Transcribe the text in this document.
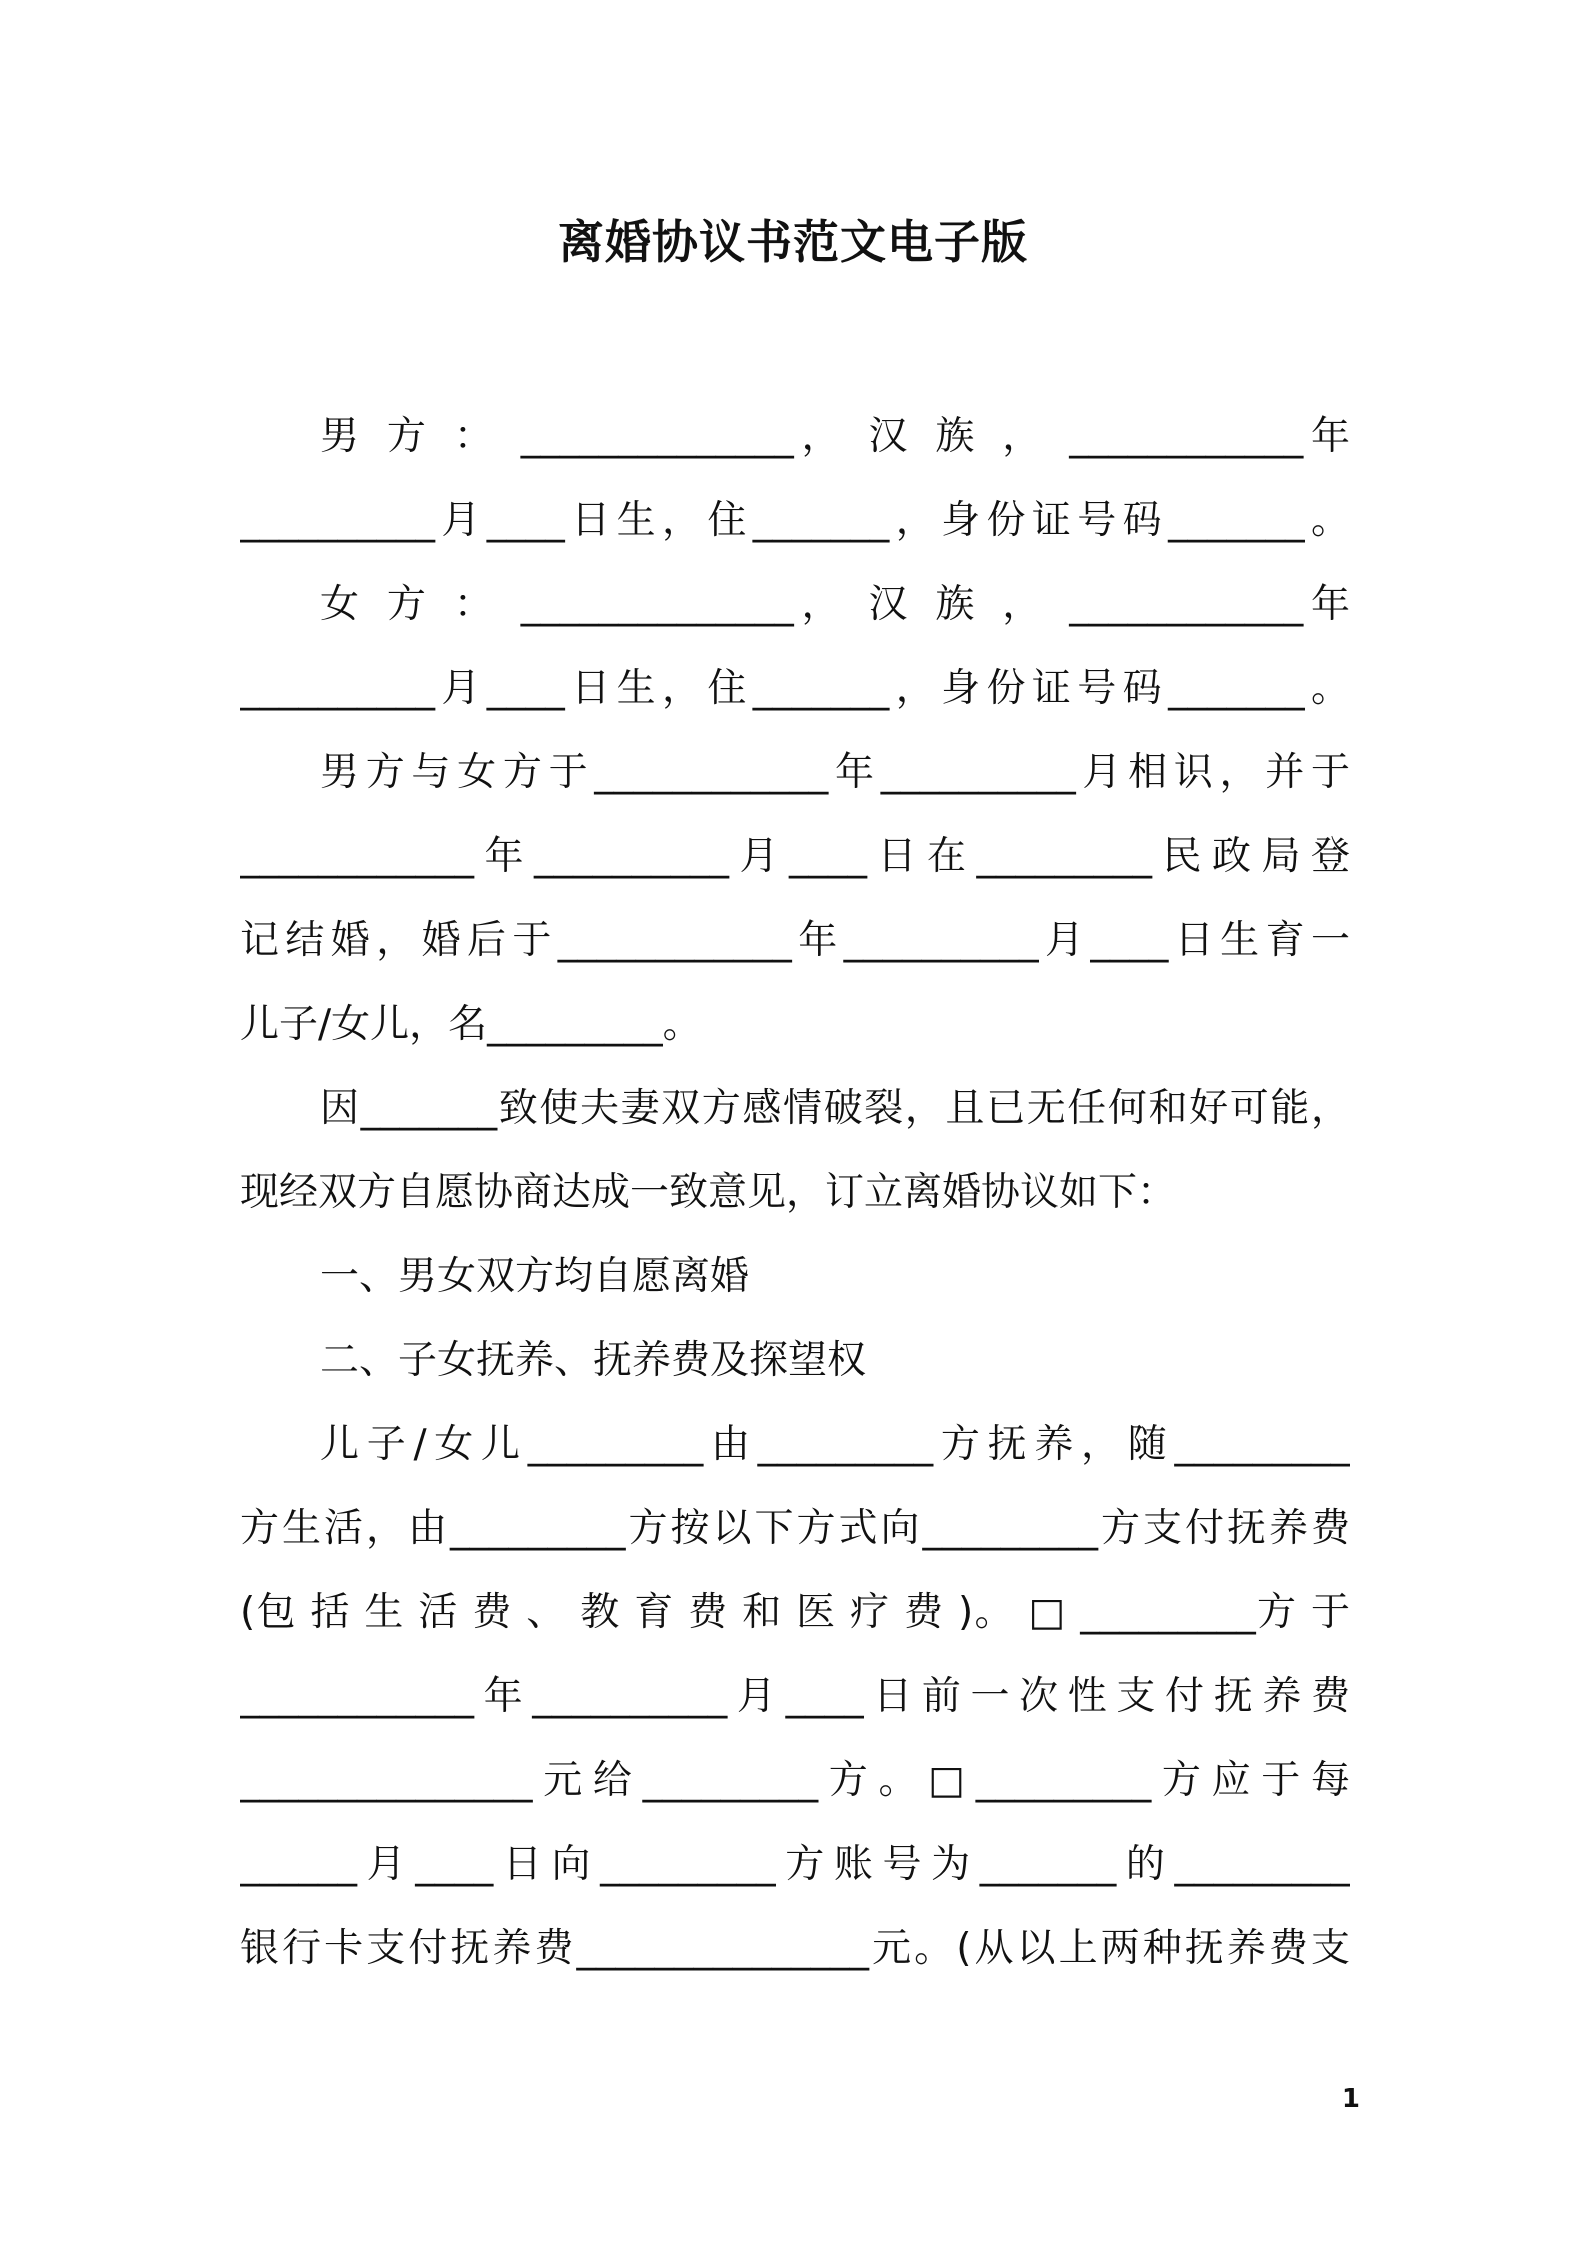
离婚协议书范文电子版
男 方 ： ______________， 汉 族 ， ____________年
__________月____日生，住_______，身份证号码_______。
女 方 ： ______________， 汉 族 ， ____________年
__________月____日生，住_______，身份证号码_______。
男方与女方于____________年__________月相识，并于
____________年__________月____日在_________民政局登
记结婚，婚后于____________年__________月____日生育一
儿子/女儿，名_________。
因_______致使夫妻双方感情破裂，且已无任何和好可能，
现经双方自愿协商达成一致意见，订立离婚协议如下：
一、男女双方均自愿离婚
二、子女抚养、抚养费及探望权
儿子/女儿_________由_________方抚养，随_________
方生活，由_________方按以下方式向_________方支付抚养费
(包 括 生 活 费 、 教 育 费 和 医 疗 费 )。 □ _________方 于
____________年__________月____日前一次性支付抚养费
_______________元给_________方。□_________方应于每
______月____日向_________方账号为_______的_________
银行卡支付抚养费_______________元。(从以上两种抚养费支
1
